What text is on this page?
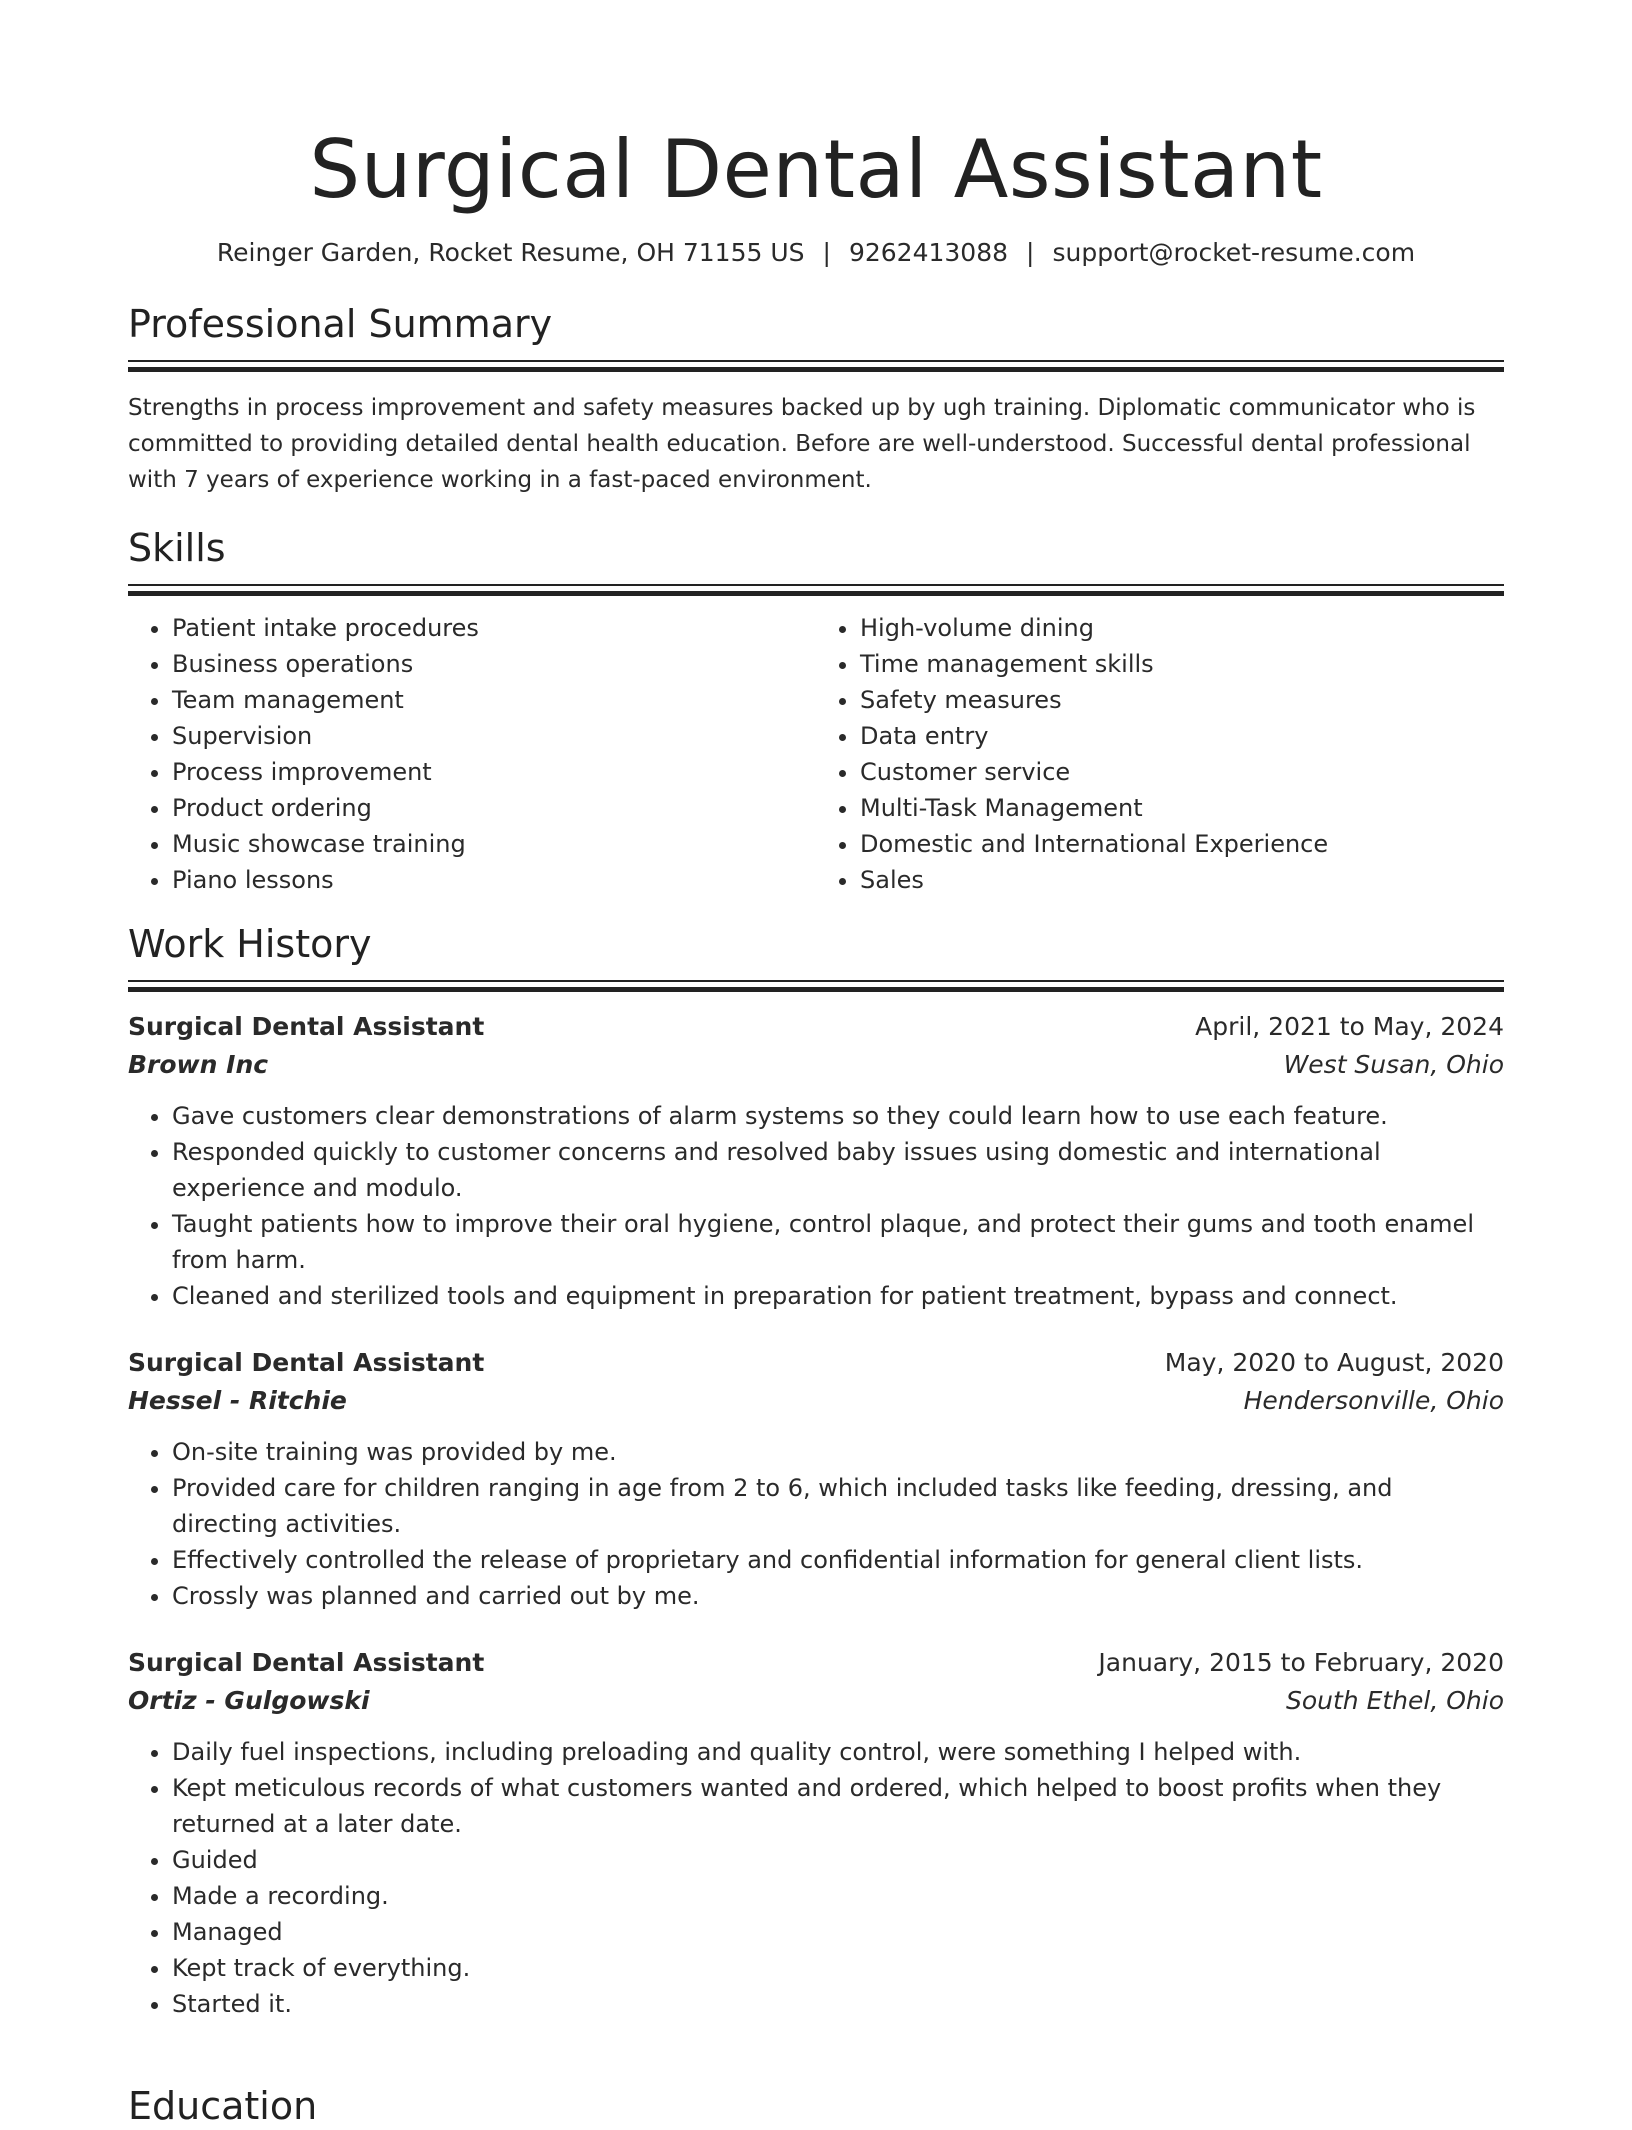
Surgical Dental Assistant
Reinger Garden, Rocket Resume, OH 71155 US | 9262413088 | support@rocket-resume.com
Professional Summary

Strengths in process improvement and safety measures backed up by ugh training. Diplomatic communicator who is committed to providing detailed dental health education. Before are well-understood. Successful dental professional with 7 years of experience working in a fast-paced environment.

Skills
• Patient intake procedures
• Business operations
• Team management
• Supervision
• Process improvement
• Product ordering
• Music showcase training
• Piano lessons
• High-volume dining
• Time management skills
• Safety measures
• Data entry
• Customer service
• Multi-Task Management
• Domestic and International Experience
• Sales
Work History
Surgical Dental Assistant	April, 2021 to May, 2024
Brown Inc	West Susan, Ohio
• Gave customers clear demonstrations of alarm systems so they could learn how to use each feature.
• Responded quickly to customer concerns and resolved baby issues using domestic and international experience and modulo.
• Taught patients how to improve their oral hygiene, control plaque, and protect their gums and tooth enamel from harm.
• Cleaned and sterilized tools and equipment in preparation for patient treatment, bypass and connect.
Surgical Dental Assistant	May, 2020 to August, 2020
Hessel - Ritchie	Hendersonville, Ohio
• On-site training was provided by me.
• Provided care for children ranging in age from 2 to 6, which included tasks like feeding, dressing, and directing activities.
• Effectively controlled the release of proprietary and confidential information for general client lists.
• Crossly was planned and carried out by me.
Surgical Dental Assistant	January, 2015 to February, 2020
Ortiz - Gulgowski	South Ethel, Ohio
• Daily fuel inspections, including preloading and quality control, were something I helped with.
• Kept meticulous records of what customers wanted and ordered, which helped to boost profits when they returned at a later date.
• Guided
• Made a recording.
• Managed
• Kept track of everything.
• Started it.
Education
